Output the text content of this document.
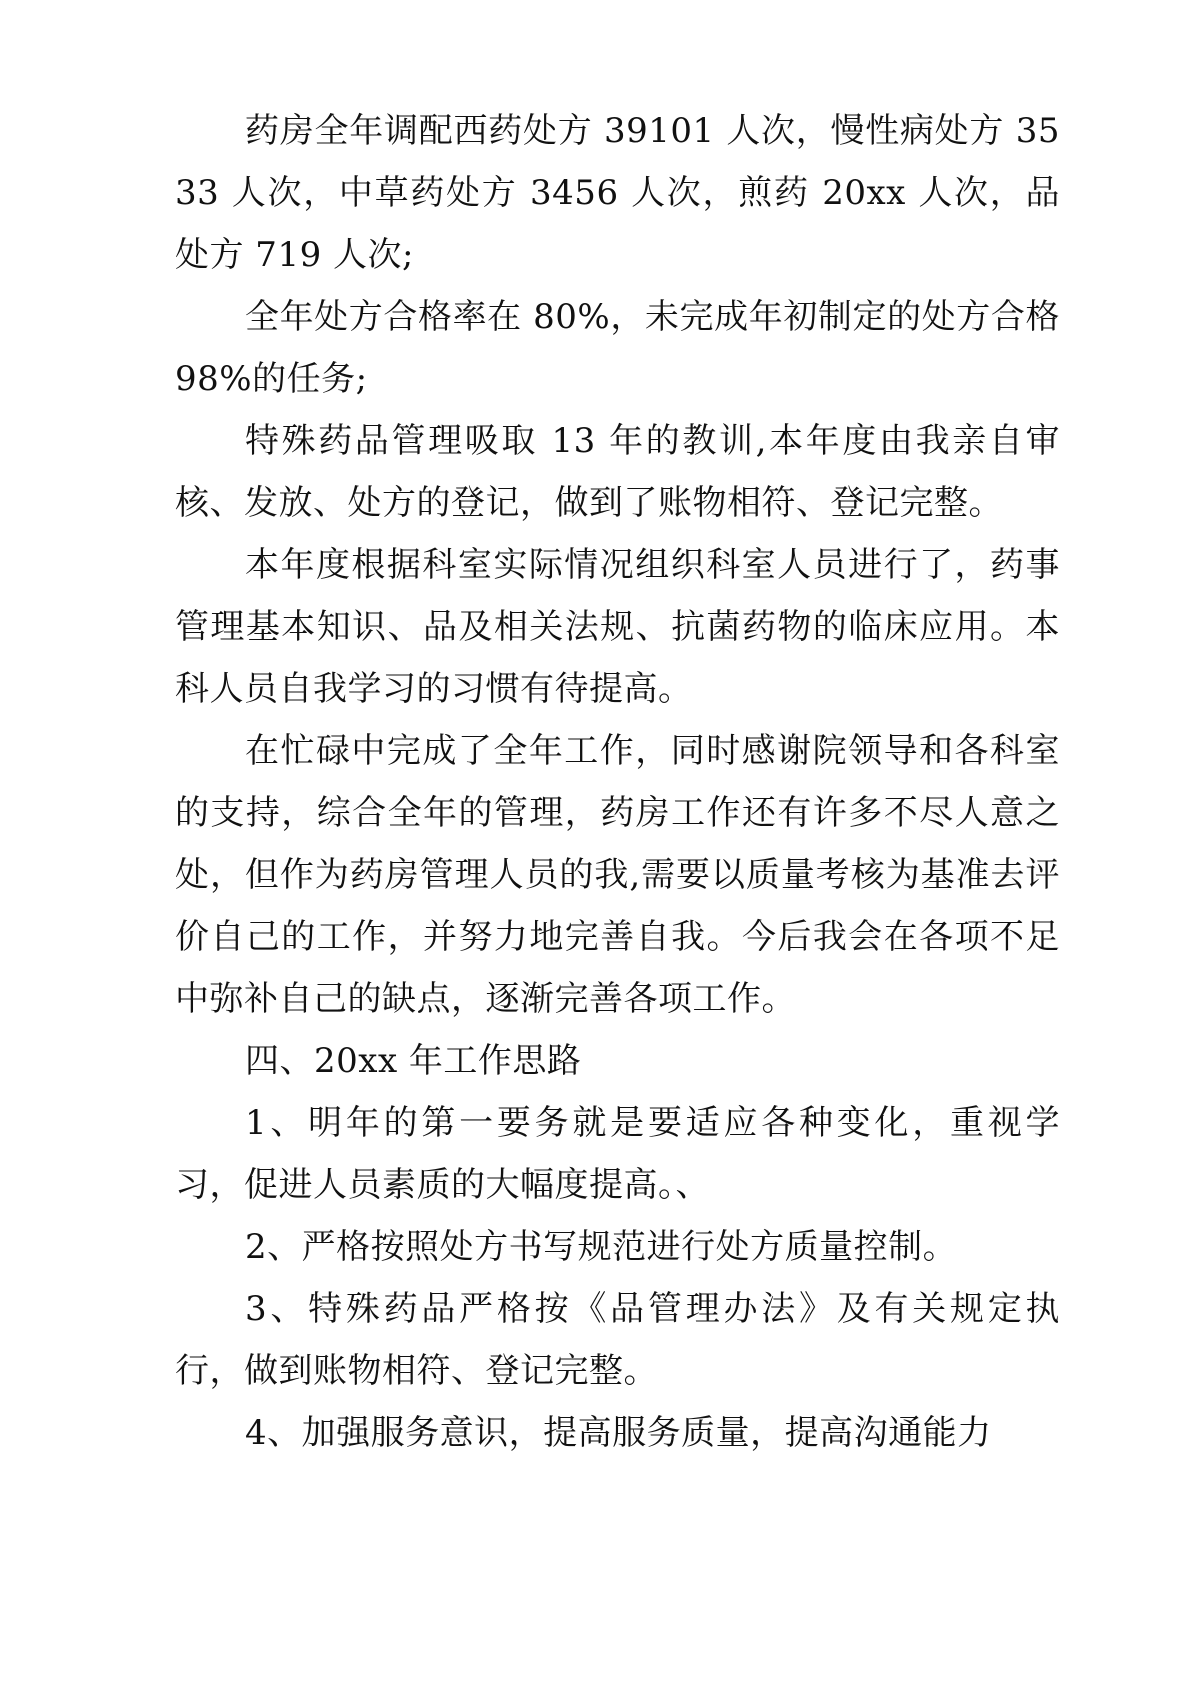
药房全年调配西药处方 39101 人次，慢性病处方 3533 人次，中草药处方 3456 人次，煎药 20xx 人次，品处方 719 人次;

全年处方合格率在 80%，未完成年初制定的处方合格 98%的任务;

特殊药品管理吸取 13 年的教训,本年度由我亲自审核、发放、处方的登记，做到了账物相符、登记完整。

本年度根据科室实际情况组织科室人员进行了，药事管理基本知识、品及相关法规、抗菌药物的临床应用。本科人员自我学习的习惯有待提高。

在忙碌中完成了全年工作，同时感谢院领导和各科室的支持，综合全年的管理，药房工作还有许多不尽人意之处，但作为药房管理人员的我,需要以质量考核为基准去评价自己的工作，并努力地完善自我。今后我会在各项不足中弥补自己的缺点，逐渐完善各项工作。

四、20xx 年工作思路

1、明年的第一要务就是要适应各种变化，重视学习，促进人员素质的大幅度提高。、

2、严格按照处方书写规范进行处方质量控制。

3、特殊药品严格按《品管理办法》及有关规定执行，做到账物相符、登记完整。

4、加强服务意识，提高服务质量，提高沟通能力
